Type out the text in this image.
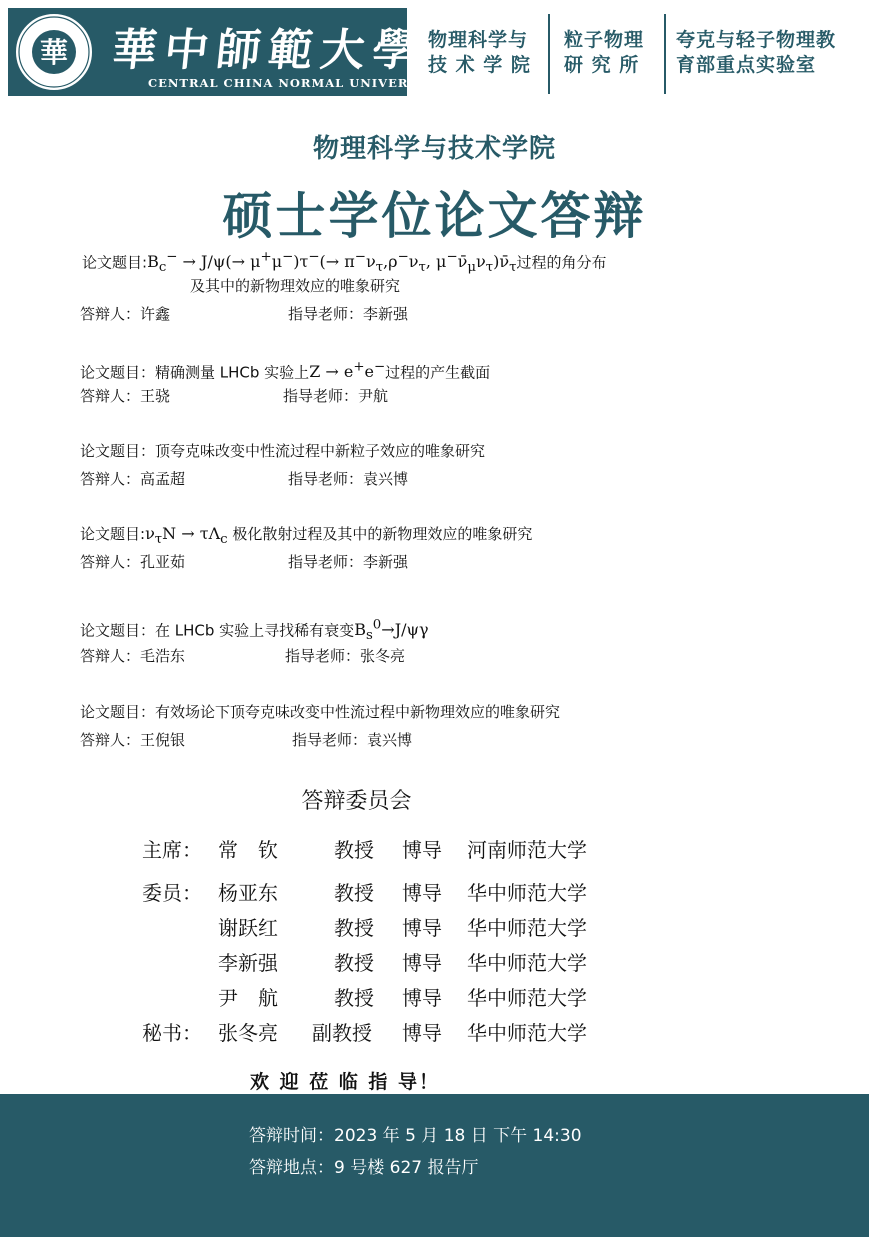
華 華中師範大學
CENTRAL CHINA NORMAL UNIVERSITY
物理科学与
技 术 学 院
粒子物理
研 究 所
夸克与轻子物理教
育部重点实验室
物理科学与技术学院
硕士学位论文答辩
论文题目$:B_c^- \to J/\psi(\to \mu^+\mu^-)\tau^-(\to \pi^-\nu_\tau,\rho^-\nu_\tau$, $\mu^-\nū_\mu\nu_\tau)\nū_\tau$过程的角分布
及其中的新物理效应的唯象研究
答辩人：许鑫	指导老师：李新强
论文题目：精确测量 LHCb 实验上Z → e+e−过程的产生截面
答辩人：王骁	指导老师：尹航
论文题目：顶夸克味改变中性流过程中新粒子效应的唯象研究
答辩人：高孟超	指导老师：袁兴博
论文题目$:\nu_\tau N \to \tau\Lambda_c$ 极化散射过程及其中的新物理效应的唯象研究
答辩人：孔亚茹	指导老师：李新强
论文题目：在 LHCb 实验上寻找稀有衰变$B_s^0\to J/\psi\gamma$
答辩人：毛浩东	指导老师：张冬亮
论文题目：有效场论下顶夸克味改变中性流过程中新物理效应的唯象研究
答辩人：王倪银	指导老师：袁兴博
答辩委员会
主席： 常　钦	教授 博导 河南师范大学
委员： 杨亚东	教授 博导 华中师范大学
谢跃红	教授 博导 华中师范大学
李新强	教授 博导 华中师范大学
尹　航	教授 博导 华中师范大学
秘书： 张冬亮 副教授 博导 华中师范大学
欢 迎 莅 临 指 导！
答辩时间：2023 年 5 月 18 日 下午 14:30
答辩地点：9 号楼 627 报告厅
